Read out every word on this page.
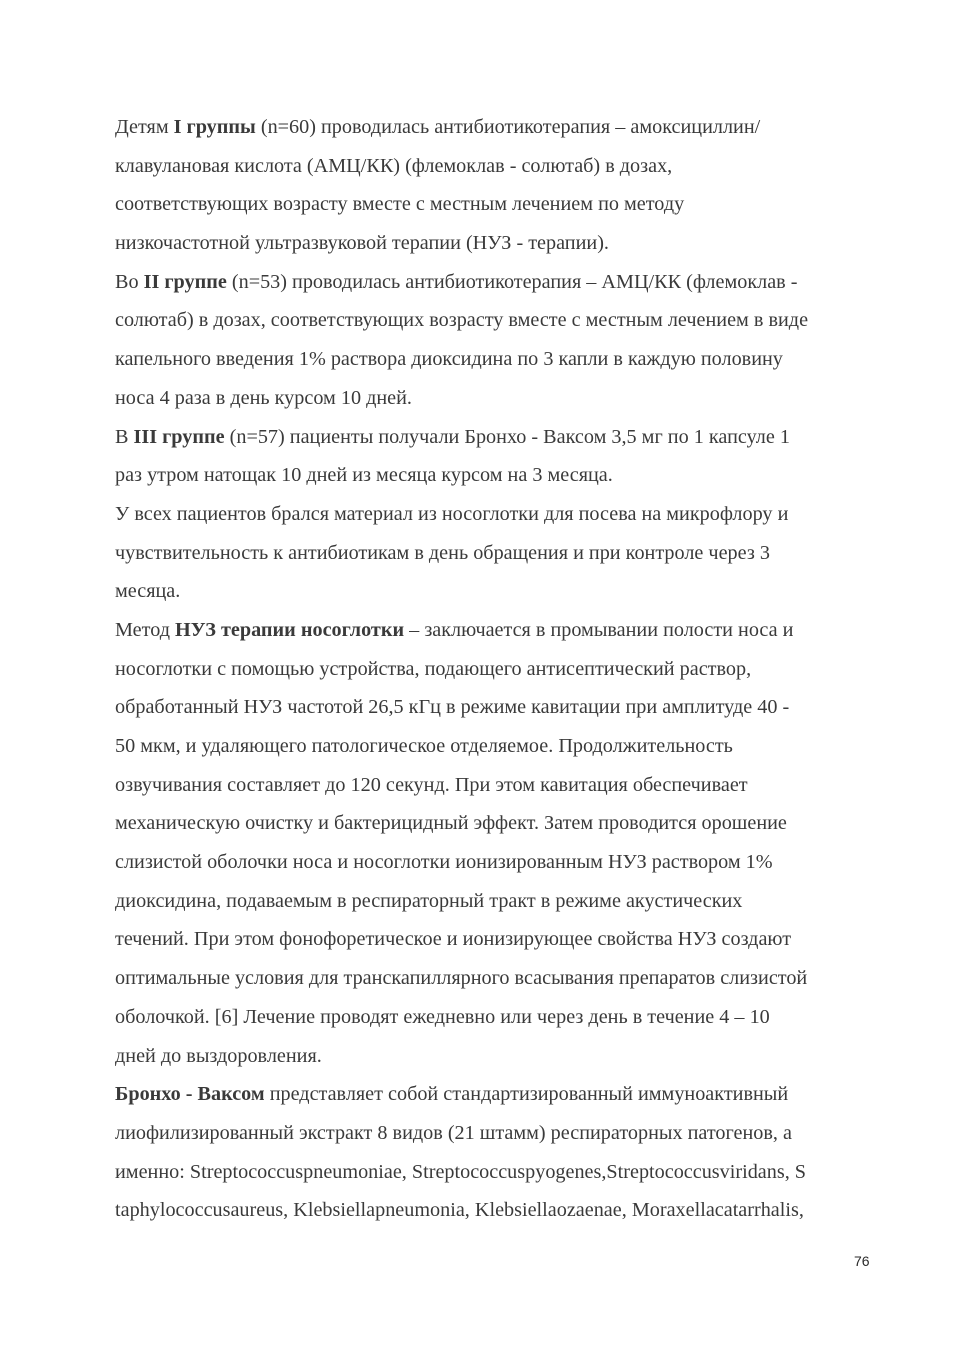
Детям I группы (n=60) проводилась антибиотикотерапия – амоксициллин/
клавулановая кислота (АМЦ/КК) (флемоклав - солютаб) в дозах,
соответствующих возрасту вместе с местным лечением по методу
низкочастотной ультразвуковой терапии (НУЗ - терапии).
Во II группе (n=53) проводилась антибиотикотерапия – АМЦ/КК (флемоклав -
солютаб) в дозах, соответствующих возрасту вместе с местным лечением в виде
капельного введения 1% раствора диоксидина по 3 капли в каждую половину
носа 4 раза в день курсом 10 дней.
В III группе (n=57) пациенты получали Бронхо - Ваксом 3,5 мг по 1 капсуле 1
раз утром натощак 10 дней из месяца курсом на 3 месяца.
У всех пациентов брался материал из носоглотки для посева на микрофлору и
чувствительность к антибиотикам в день обращения и при контроле через 3
месяца.
Метод НУЗ терапии носоглотки – заключается в промывании полости носа и
носоглотки с помощью устройства, подающего антисептический раствор,
обработанный НУЗ частотой 26,5 кГц в режиме кавитации при амплитуде 40 -
50 мкм, и удаляющего патологическое отделяемое. Продолжительность
озвучивания составляет до 120 секунд. При этом кавитация обеспечивает
механическую очистку и бактерицидный эффект. Затем проводится орошение
слизистой оболочки носа и носоглотки ионизированным НУЗ раствором 1%
диоксидина, подаваемым в респираторный тракт в режиме акустических
течений. При этом фонофоретическое и ионизирующее свойства НУЗ создают
оптимальные условия для транскапиллярного всасывания препаратов слизистой
оболочкой. [6] Лечение проводят ежедневно или через день в течение 4 – 10
дней до выздоровления.
Бронхо - Ваксом представляет собой стандартизированный иммуноактивный
лиофилизированный экстракт 8 видов (21 штамм) респираторных патогенов, а
именно: Streptococcuspneumoniae, Streptococcuspyogenes,Streptococcusviridans, S
taphylococcusaureus, Klebsiellapneumonia, Klebsiellaozaenae, Moraxellacatarrhalis,
76
